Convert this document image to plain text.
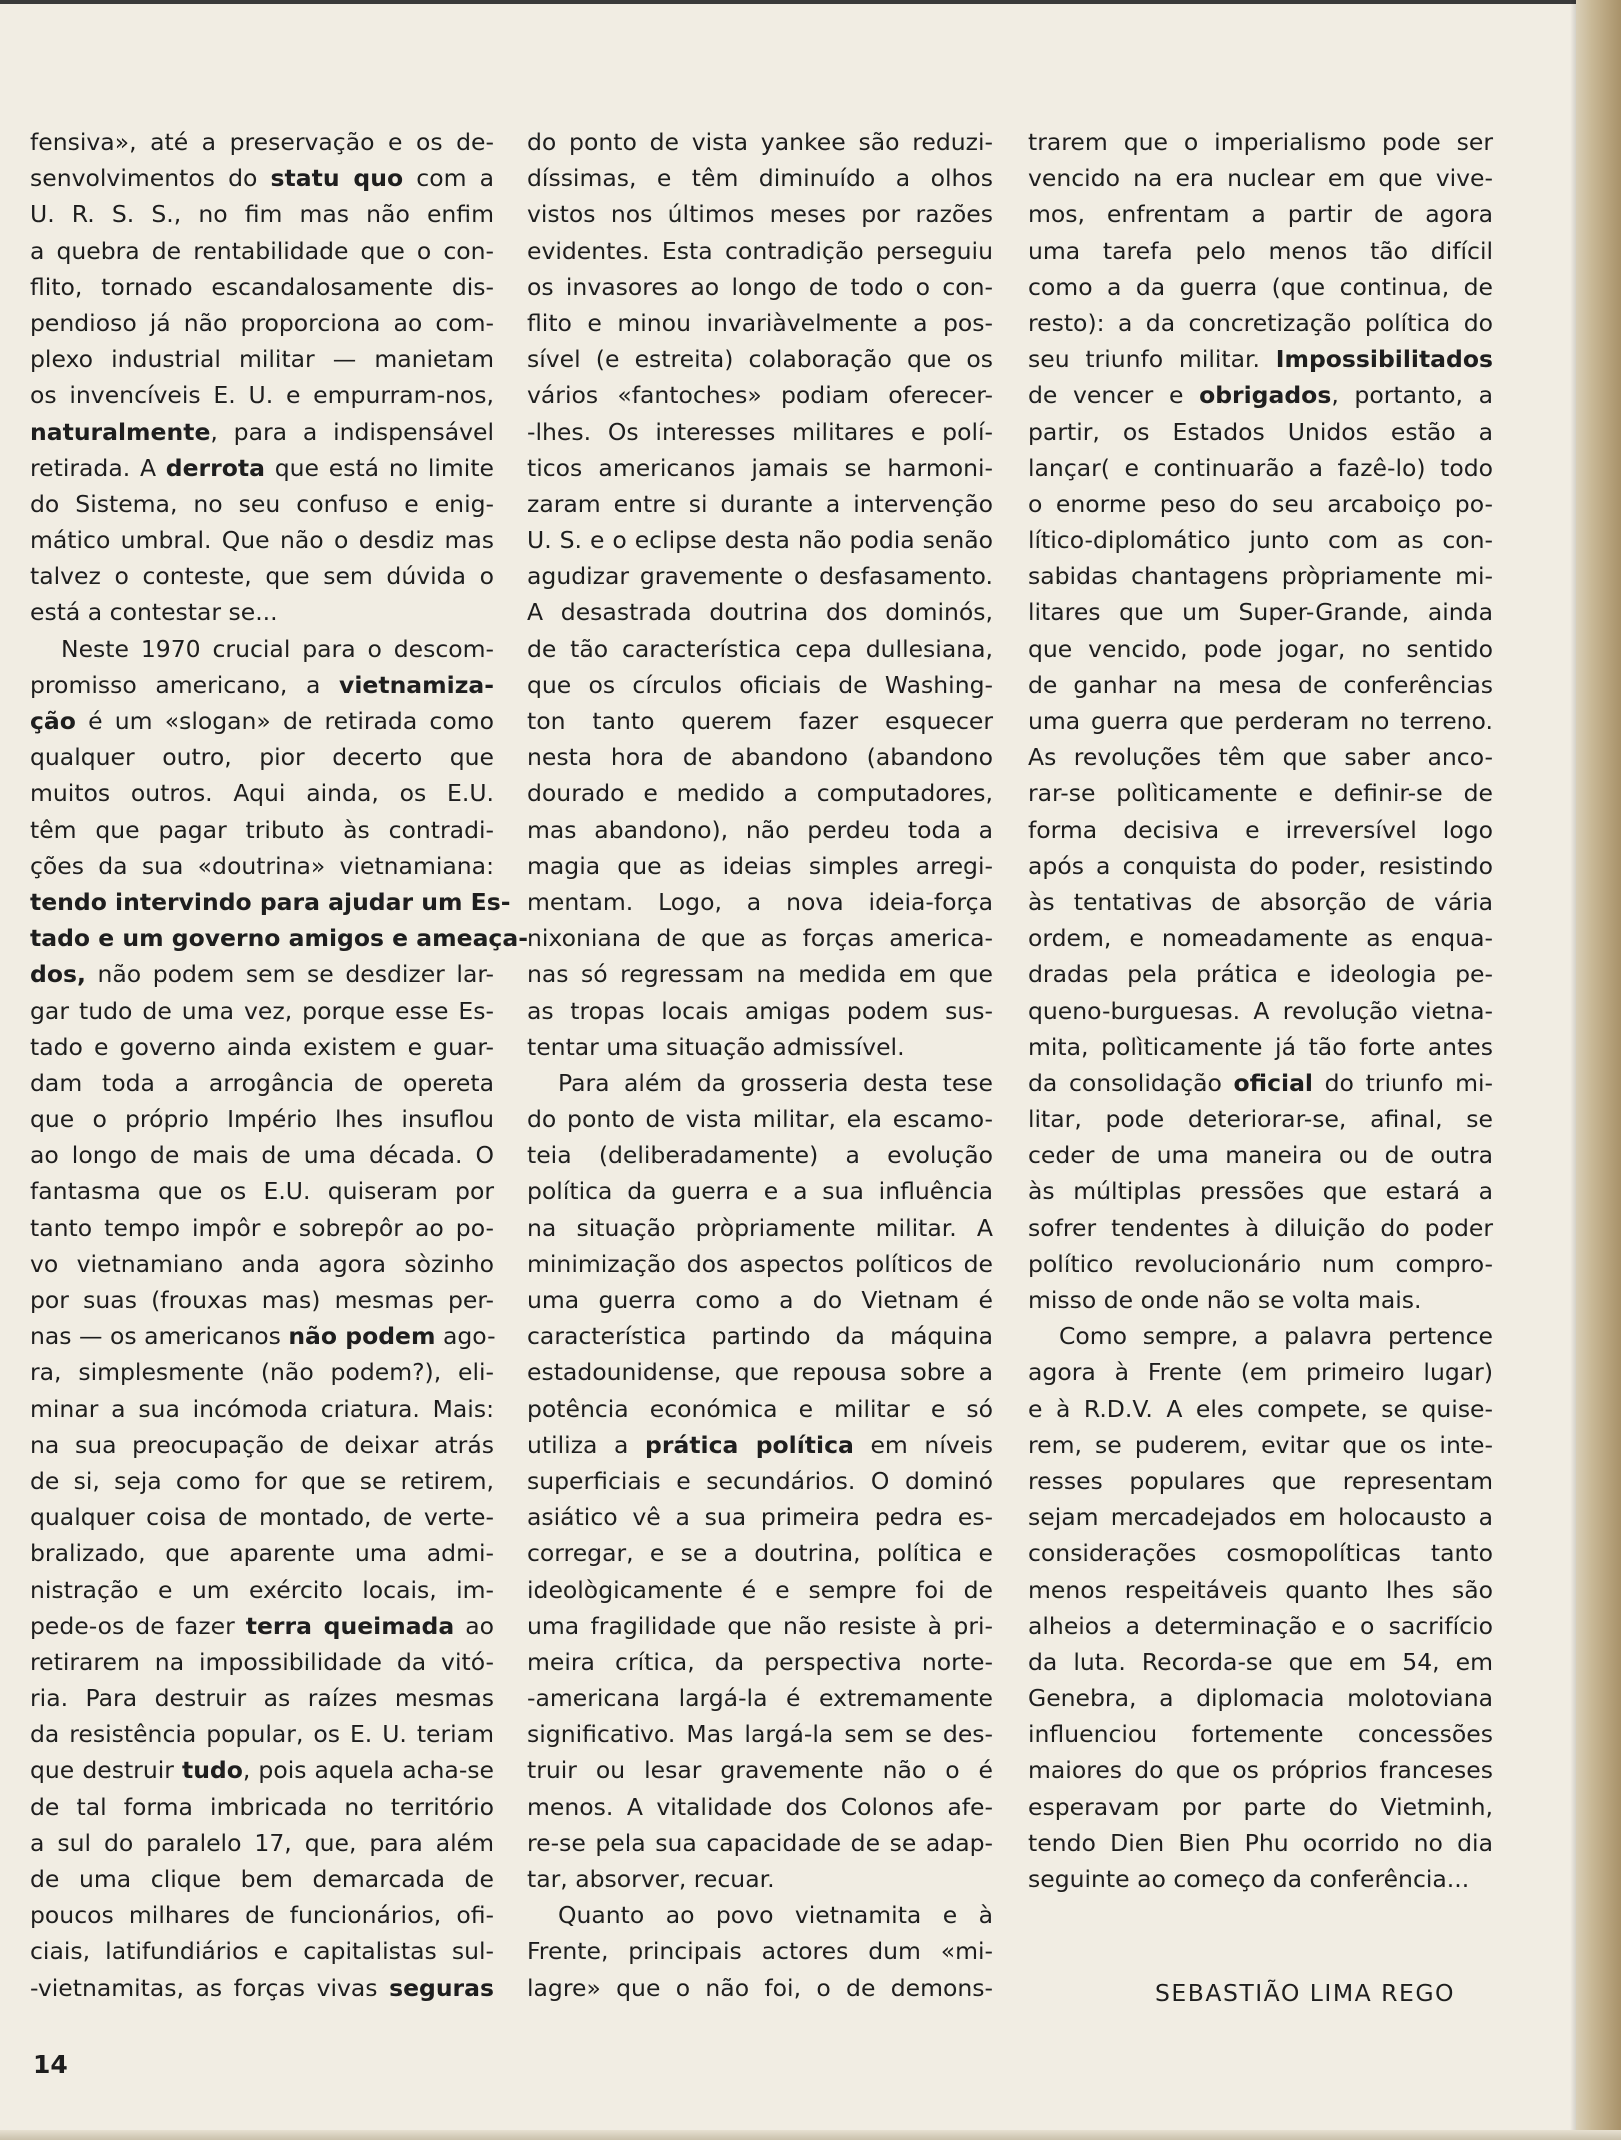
fensiva», até a preservação e os de-
senvolvimentos do statu quo com a
U. R. S. S., no fim mas não enfim
a quebra de rentabilidade que o con-
flito, tornado escandalosamente dis-
pendioso já não proporciona ao com-
plexo industrial militar — manietam
os invencíveis E. U. e empurram-nos,
naturalmente, para a indispensável
retirada. A derrota que está no limite
do Sistema, no seu confuso e enig-
mático umbral. Que não o desdiz mas
talvez o conteste, que sem dúvida o
está a contestar se...
Neste 1970 crucial para o descom-
promisso americano, a vietnamiza-
ção é um «slogan» de retirada como
qualquer outro, pior decerto que
muitos outros. Aqui ainda, os E.U.
têm que pagar tributo às contradi-
ções da sua «doutrina» vietnamiana:
tendo intervindo para ajudar um Es-
tado e um governo amigos e ameaça-
dos, não podem sem se desdizer lar-
gar tudo de uma vez, porque esse Es-
tado e governo ainda existem e guar-
dam toda a arrogância de opereta
que o próprio Império lhes insuflou
ao longo de mais de uma década. O
fantasma que os E.U. quiseram por
tanto tempo impôr e sobrepôr ao po-
vo vietnamiano anda agora sòzinho
por suas (frouxas mas) mesmas per-
nas — os americanos não podem ago-
ra, simplesmente (não podem?), eli-
minar a sua incómoda criatura. Mais:
na sua preocupação de deixar atrás
de si, seja como for que se retirem,
qualquer coisa de montado, de verte-
bralizado, que aparente uma admi-
nistração e um exército locais, im-
pede-os de fazer terra queimada ao
retirarem na impossibilidade da vitó-
ria. Para destruir as raízes mesmas
da resistência popular, os E. U. teriam
que destruir tudo, pois aquela acha-se
de tal forma imbricada no território
a sul do paralelo 17, que, para além
de uma clique bem demarcada de
poucos milhares de funcionários, ofi-
ciais, latifundiários e capitalistas sul-
-vietnamitas, as forças vivas seguras
do ponto de vista yankee são reduzi-
díssimas, e têm diminuído a olhos
vistos nos últimos meses por razões
evidentes. Esta contradição perseguiu
os invasores ao longo de todo o con-
flito e minou invariàvelmente a pos-
sível (e estreita) colaboração que os
vários «fantoches» podiam oferecer-
-lhes. Os interesses militares e polí-
ticos americanos jamais se harmoni-
zaram entre si durante a intervenção
U. S. e o eclipse desta não podia senão
agudizar gravemente o desfasamento.
A desastrada doutrina dos dominós,
de tão característica cepa dullesiana,
que os círculos oficiais de Washing-
ton tanto querem fazer esquecer
nesta hora de abandono (abandono
dourado e medido a computadores,
mas abandono), não perdeu toda a
magia que as ideias simples arregi-
mentam. Logo, a nova ideia-força
nixoniana de que as forças america-
nas só regressam na medida em que
as tropas locais amigas podem sus-
tentar uma situação admissível.
Para além da grosseria desta tese
do ponto de vista militar, ela escamo-
teia (deliberadamente) a evolução
política da guerra e a sua influência
na situação pròpriamente militar. A
minimização dos aspectos políticos de
uma guerra como a do Vietnam é
característica partindo da máquina
estadounidense, que repousa sobre a
potência económica e militar e só
utiliza a prática política em níveis
superficiais e secundários. O dominó
asiático vê a sua primeira pedra es-
corregar, e se a doutrina, política e
ideològicamente é e sempre foi de
uma fragilidade que não resiste à pri-
meira crítica, da perspectiva norte-
-americana largá-la é extremamente
significativo. Mas largá-la sem se des-
truir ou lesar gravemente não o é
menos. A vitalidade dos Colonos afe-
re-se pela sua capacidade de se adap-
tar, absorver, recuar.
Quanto ao povo vietnamita e à
Frente, principais actores dum «mi-
lagre» que o não foi, o de demons-
trarem que o imperialismo pode ser
vencido na era nuclear em que vive-
mos, enfrentam a partir de agora
uma tarefa pelo menos tão difícil
como a da guerra (que continua, de
resto): a da concretização política do
seu triunfo militar. Impossibilitados
de vencer e obrigados, portanto, a
partir, os Estados Unidos estão a
lançar( e continuarão a fazê-lo) todo
o enorme peso do seu arcaboiço po-
lítico-diplomático junto com as con-
sabidas chantagens pròpriamente mi-
litares que um Super-Grande, ainda
que vencido, pode jogar, no sentido
de ganhar na mesa de conferências
uma guerra que perderam no terreno.
As revoluções têm que saber anco-
rar-se polìticamente e definir-se de
forma decisiva e irreversível logo
após a conquista do poder, resistindo
às tentativas de absorção de vária
ordem, e nomeadamente as enqua-
dradas pela prática e ideologia pe-
queno-burguesas. A revolução vietna-
mita, polìticamente já tão forte antes
da consolidação oficial do triunfo mi-
litar, pode deteriorar-se, afinal, se
ceder de uma maneira ou de outra
às múltiplas pressões que estará a
sofrer tendentes à diluição do poder
político revolucionário num compro-
misso de onde não se volta mais.
Como sempre, a palavra pertence
agora à Frente (em primeiro lugar)
e à R.D.V. A eles compete, se quise-
rem, se puderem, evitar que os inte-
resses populares que representam
sejam mercadejados em holocausto a
considerações cosmopolíticas tanto
menos respeitáveis quanto lhes são
alheios a determinação e o sacrifício
da luta. Recorda-se que em 54, em
Genebra, a diplomacia molotoviana
influenciou fortemente concessões
maiores do que os próprios franceses
esperavam por parte do Vietminh,
tendo Dien Bien Phu ocorrido no dia
seguinte ao começo da conferência...

SEBASTIÃO LIMA REGO

14
